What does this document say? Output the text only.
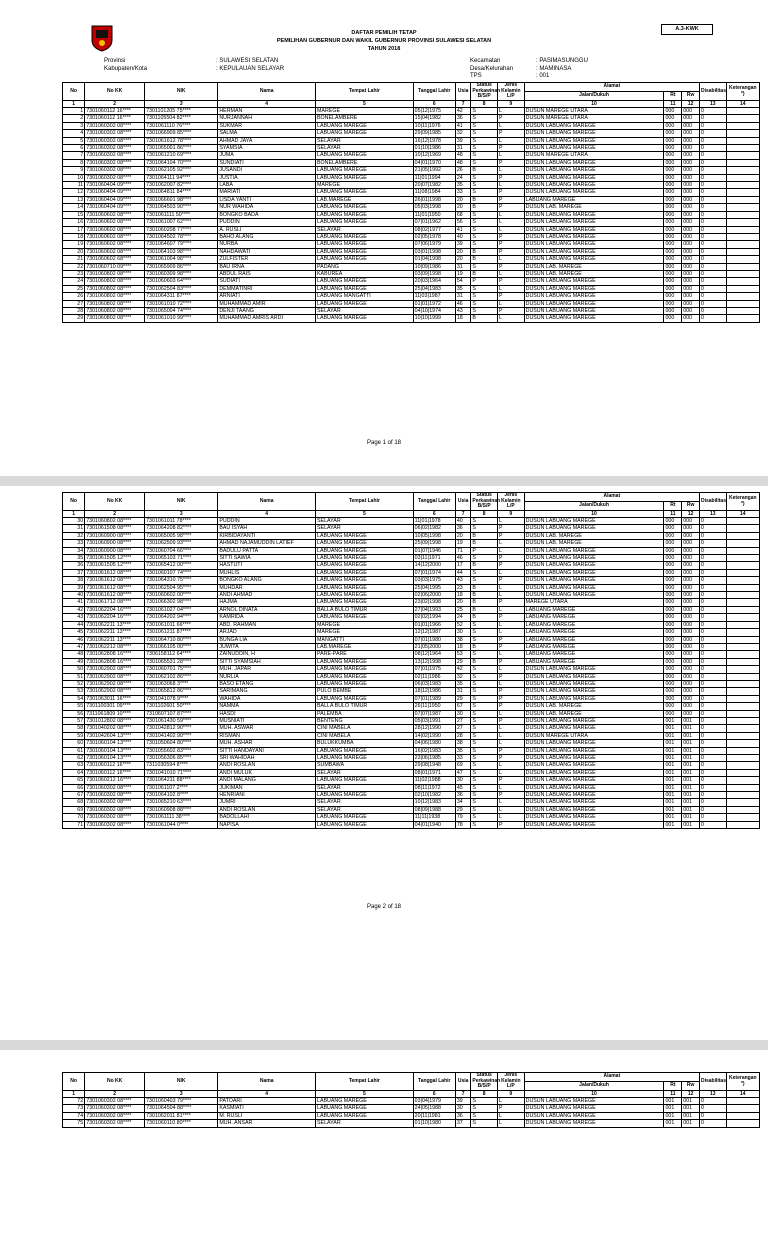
A.3-KWK
DAFTAR PEMILIH TETAP
PEMILIHAN GUBERNUR DAN WAKIL GUBERNUR PROVINSI SULAWESI SELATAN
TAHUN 2018
Provinsi	: SULAWESI SELATAN
Kabupaten/Kota	: KEPULAUAN SELAYAR
Kecamatan	: PASIMASUNGGU
Desa/Kelurahan	: MAMINASA
TPS	: 001
No	No KK	NIK	Nama	Tempat Lahir	Tanggal Lahir	Usia	Status Perkawinan B/S/P	Jenis Kelamin L/P	Alamat			Disabilitas	Keterangan *)
									Jalan/Dukuh	Rt	Rw		
1	2	3	4	5	6	7	8	9	10	11	12	13	14
1	7301060112 16****	7301101205 75****	HERMAN	MAREGE	05|12|1975	42	S	L	DUSUN MAREGE UTARA	000	000	0	
2	7301060112 16****	7301105504 82****	NURJANNAH	BONELAMBERE	15|04|1982	36	S	P	DUSUN MAREGE UTARA	000	000	0	
3	7301060302 08****	7301061110 76****	SUKMAR	LABUANG MAREGE	10|11|1976	41	S	L	DUSUN LABUANG MAREGE	000	000	0	
4	7301060302 08****	7301066909 85****	SALMA	LABUANG MAREGE	29|09|1985	32	S	P	DUSUN LABUANG MAREGE	000	000	0	
5	7301060302 08****	7301061612 78****	AHMAD JAYA	SELAYAR	16|12|1978	39	S	L	DUSUN LABUANG MAREGE	000	000	0	
6	7301060302 08****	7301065001 86****	SYAMSIA	SELAYAR	01|10|1986	31	S	P	DUSUN LABUANG MAREGE	000	000	0	
7	7301060302 08****	7301061210 69****	JUMA	LABUANG MAREGE	10|12|1969	48	S	L	DUSUN MAREGE UTARA	000	000	0	
8	7301060302 08****	7301064104 70****	SUNDIATI	BONELAMBERE	04|01|1970	48	S	P	DUSUN LABUANG MAREGE	000	000	0	
9	7301060302 08****	7301062105 92****	JUSANDI	LABUANG MAREGE	21|05|1992	26	B	L	DUSUN LABUANG MAREGE	000	000	0	
10	7301060302 08****	7301064111 94****	JUSTIA	LABUANG MAREGE	11|01|1994	24	S	P	DUSUN LABUANG MAREGE	000	000	0	
11	7301060404 09****	7301062007 82****	LABA	MAREGE	20|07|1982	35	S	L	DUSUN LABUANG MAREGE	000	000	0	
12	7301060404 09****	7301064811 84****	MARIATI	LABUANG MAREGE	11|08|1984	33	S	P	DUSUN LABUANG MAREGE	000	000	0	
13	7301060404 09****	7301066601 98****	LISDA YANTI	LAB.MAREGE	26|01|1998	20	B	P	LABUANG MAREGE	000	000	0	
14	7301060404 09****	7301064503 90****	NUR WAHIDA	LABUANG MAREGE	05|03|1998	20	B	P	DUSUN LAB. MAREGE	000	000	0	
15	7301060602 08****	7301061111 50****	BONGKO BADA	LABUANG MAREGE	11|01|1950	68	S	L	DUSUN LABUANG MAREGE	000	000	0	
16	7301060602 08****	7301061007 62****	PUDDIN	LABUANG MAREGE	07|01|1962	56	S	L	DUSUN LABUANG MAREGE	000	000	0	
17	7301060602 08****	7301060208 77****	A. RUSLI	SELAYAR	08|02|1977	41	S	L	DUSUN LABUANG MAREGE	000	000	0	
18	7301060602 08****	7301064502 78****	BAHO ALANG	LABUANG MAREGE	02|05|1978	40	S	P	DUSUN LABUANG MAREGE	000	000	0	
19	7301060602 08****	7301064607 79****	NURBA	LABUANG MAREGE	07|06|1979	39	S	P	DUSUN LABUANG MAREGE	000	000	0	
20	7301060602 08****	7301064103 98****	NAHDAWATI	LABUANG MAREGE	03|01|1998	20	B	P	DUSUN LABUANG MAREGE	000	000	0	
21	7301060602 68****	7301061004 98****	ZULFISTER	LABUANG MAREGE	01|04|1998	20	B	L	DUSUN LABUANG MAREGE	000	000	0	
22	7301060710 09****	7301065909 86****	BAU IRNA	PADANG	10|09|1986	31	S	P	DUSUN LAB. MAREGE	000	000	0	
23	7301060802 08****	7301060309 98****	ABDUL RAIS	KABUREA	03|09|1998	19	B	L	DUSUN LAB. MAREGE	000	000	0	
24	7301060802 08****	7301060603 64****	SUDIATI	LABUANG MAREGE	20|03|1964	54	P	P	DUSUN LABUANG MAREGE	000	000	0	
25	7301060802 08****	7301062504 83****	DEMMATINRI	LABUANG MAREGE	25|04|1983	35	S	L	DUSUN LABUANG MAREGE	000	000	0	
26	7301060802 08****	7301064311 87****	ARNIATI	LABUANG MANGATTI	11|03|1987	31	S	P	DUSUN LABUANG MAREGE	000	000	0	
27	7301060802 08****	7301061010 72****	MUHAMMAD AMIR	LABUANG MAREGE	01|01|1972	46	S	L	DUSUN LABUANG MAREGE	000	000	0	
28	7301060802 08****	7301065004 74****	DENJI TAANG	SELAYAR	04|10|1974	43	S	P	DUSUN LABUANG MAREGE	000	000	0	
29	7301060802 08****	7301061010 99****	MUHAMMAD AMRIS ARDI	LABUANG MAREGE	10|10|1999	18	B	L	DUSUN LABUANG MAREGE	000	000	0	
Page 1 of 18
No	No KK	NIK	Nama	Tempat Lahir	Tanggal Lahir	Usia	Status Perkawinan B/S/P	Jenis Kelamin L/P	Alamat			Disabilitas	Keterangan *)
									Jalan/Dukuh	Rt	Rw		
1	2	3	4	5	6	7	8	9	10	11	12	13	14
30	7301060802 08****	7301061011 78****	PUDDIN	SELAYAR	11|01|1978	40	S	L	DUSUN LABUANG MAREGE	000	000	0	
31	7301061508 08****	7301064208 82****	BAU ISYAH	SELAYAR	06|02|1982	36	S	P	DUSUN LABUANG MAREGE	000	000	0	
32	7301060900 08****	7301065005 98****	KIRBIDAYANTI	LABUANG MAREGE	10|05|1998	20	B	P	DUSUN LAB. MAREGE	000	000	0	
33	7301060900 08****	7301062509 93****	AHMAD NAJAMUDDIN LATIEF	LABUANG MAREGE	25|09|1998	19	B	L	DUSUN LAB. MAREGE	000	000	0	
34	7301060900 08****	7301060704 66****	BADULU PATTA	LABUANG MAREGE	01|07|1946	71	P	L	DUSUN LABUANG MAREGE	000	000	0	
35	7301061505 12****	7301065103 71****	SITTI SAWIA	LABUANG MAREGE	03|11|1971	46	S	P	DUSUN LABUANG MAREGE	000	000	0	
36	7301061505 12****	7301065412 00****	HASTUTI	LABUANG MAREGE	14|12|2000	17	B	P	DUSUN LABUANG MAREGE	000	000	0	
37	7301061612 08****	7301060107 74****	MUHLIS	LABUANG MAREGE	07|01|1974	44	S	L	DUSUN LABUANG MAREGE	000	000	0	
38	7301061612 08****	7301064310 75****	BONGKO ALANG	LABUANG MAREGE	03|03|1975	43	S	P	DUSUN LABUANG MAREGE	000	000	0	
39	7301061612 08****	7301062504 95****	MUHDAR	LABUANG MAREGE	25|04|1995	23	B	L	DUSUN LABUANG MAREGE	000	000	0	
40	7301061612 08****	7301060602 00****	ANDI AHMAD	LABUANG MAREGE	02|06|2000	18	B	L	DUSUN LABUANG MAREGE	000	000	0	
41	7301061712 08****	7301066302 98****	HAJMA	LABUANG MAREGE	23|02|1998	20	B	P	MAREGE UTARA	000	000	0	
42	7301062204 16****	7301061027 04****	ARNOL DINATA	BALLA BULO TIMUR	27|04|1993	25	B	L	LABUANG MAREGE	000	000	0	
43	7301062204 16****	7301064202 94****	KAMRIDA	LABUANG MAREGE	02|02|1994	24	B	P	LABUANG MAREGE	000	000	0	
44	7301062211 13****	7301061011 66****	ABD. RAHMAN	MAREGE	01|01|1966	52	S	L	LABUANG MAREGE	000	000	0	
45	7301062211 13****	7301061211 87****	ARJAD	MAREGE	12|12|1987	30	S	L	LABUANG MAREGE	000	000	0	
46	7301062211 13****	7301064710 80****	BUNGA LIA	MANGATTI	07|01|1980	38	S	P	LABUANG MAREGE	000	000	0	
47	7301062212 08****	7301066105 00****	JUWITA	LAB.MAREGE	21|05|2000	18	B	P	LABUANG MAREGE	000	000	0	
48	7301062808 16****	7306158112 64****	ZAINUDDIN, H	PARE-PARE	08|12|1964	53	S	L	LABUANG MAREGE	000	000	0	
49	7301062808 16****	7301065531 28****	SITTI SYAMSIAH	LABUANG MAREGE	13|12|1998	29	B	P	LABUANG MAREGE	000	000	0	
50	7301062902 08****	7301060701 75****	MUH. JAPAR	LABUANG MAREGE	07|01|1975	42	S	L	DUSUN LABUANG MAREGE	000	000	0	
51	7301062902 08****	7301062102 86****	NURLIA	LABUANG MAREGE	02|11|1986	32	S	P	DUSUN LABUANG MAREGE	000	000	0	
52	7301062902 08****	7301063068 3****	BASO ETANG	LABUANG MAREGE	06|03|1983	35	S	L	DUSUN LABUANG MAREGE	000	000	0	
53	7301062902 08****	7301065812 86****	SARIMANG	PULO BEMBE	18|12|1986	31	S	P	DUSUN LABUANG MAREGE	000	000	0	
54	7301063011 16****	7301041078 9****	WAHIDA	LABUANG MAREGE	07|01|1989	29	S	P	DUSUN LABUANG MAREGE	000	000	0	
55	7301100301 09****	7301102601 50****	NAMMA	BALLA BULO TIMUR	26|11|1950	67	S	P	DUSUN LAB. MAREGE	000	000	0	
56	7311061809 10****	7310607107 87****	HASDI	PALEMBA	07|07|1987	30	S	L	DUSUN LAB. MAREGE	000	000	0	
57	7301012802 08****	7301061430 59****	MUSNIATI	BENTENG	05|03|1991	27	S	P	DUSUN LABUANG MAREGE	001	001	0	
58	7301040202 08****	7301042812 90****	MUH. ASWAR	CINI MABELA	28|12|1990	27	S	L	DUSUN LABUANG MAREGE	001	001	0	
59	7301042604 13****	7301041402 90****	RISMAN	CINI MABELA	14|02|1990	28	S	L	DUSUN MAREGE UTARA	001	001	0	
60	7301060104 13****	7301050604 80****	MUH. ASHAR	BULUKKUMBA	04|06|1980	38	S	L	DUSUN LABUANG MAREGE	001	001	0	
61	7301060104 13****	7301055602 83****	SITTI HANDAYANI	LABUANG MAREGE	16|02|1983	35	S	P	DUSUN LABUANG MAREGE	001	001	0	
62	7301060104 13****	7301056306 85****	SRI WAHIDAH	LABUANG MAREGE	23|06|1985	33	S	P	DUSUN LABUANG MAREGE	001	001	0	
63	7301060112 16****	7311030594 8****	ANDI ROSLAN	SUMBAWA	29|08|1948	69	S	L	DUSUN LABUANG MAREGE	001	001	0	
64	7301060112 16****	7301041010 71****	ANDI MULUK	SELAYAR	08|01|1971	47	S	L	DUSUN LABUANG MAREGE	001	001	0	
65	7301060212 16****	7301064211 88****	ANDI MALANG	LABUANG MAREGE	11|02|1988	30	S	P	DUSUN LABUANG MAREGE	001	001	0	
66	7301060302 08****	7301061107 2****	JUKIMAN	SELAYAR	08|11|1972	45	S	L	DUSUN LABUANG MAREGE	001	001	0	
67	7301060302 08****	7301064102 8****	HENRIANI	LABUANG MAREGE	02|10|1982	36	S	P	DUSUN LABUANG MAREGE	001	001	0	
68	7301060302 08****	7301065210 63****	JUMRI	SELAYAR	10|12|1983	34	S	L	DUSUN LABUANG MAREGE	001	001	0	
69	7301060302 08****	7301060908 88****	ANDI ROSLAN	SELAYAR	08|09|1988	29	S	L	DUSUN LABUANG MAREGE	001	001	0	
70	7301060302 08****	7301061111 38****	BADOLLAHI	LABUANG MAREGE	11|11|1938	79	S	L	DUSUN LABUANG MAREGE	001	001	0	
71	7301060302 08****	7301061044 0****	NAPISA	LABUANG MAREGE	04|01|1940	78	S	P	DUSUN LABUANG MAREGE	001	001	0	
Page 2 of 18
No	No KK	NIK	Nama	Tempat Lahir	Tanggal Lahir	Usia	Status Perkawinan B/S/P	Jenis Kelamin L/P	Alamat			Disabilitas	Keterangan *)
									Jalan/Dukuh	Rt	Rw		
1	2	3	4	5	6	7	8	9	10	11	12	13	14
72	7301060302 08****	7301060403 79****	PATOARI	LABUANG MAREGE	03|04|1979	39	S	L	DUSUN LABUANG MAREGE	001	001	0	
73	7301060302 08****	7301064504 88****	KASMIATI	LABUANG MAREGE	24|05|1988	30	S	P	DUSUN LABUANG MAREGE	001	001	0	
74	7301060302 08****	7301062011 81****	M. RUSLI	LABUANG MAREGE	20|11|1981	36	S	L	DUSUN LABUANG MAREGE	001	001	0	
75	7301060302 08****	7301060110 80****	MUH. ANSAR	SELAYAR	01|10|1980	37	S	L	DUSUN LABUANG MAREGE	001	001	0	
